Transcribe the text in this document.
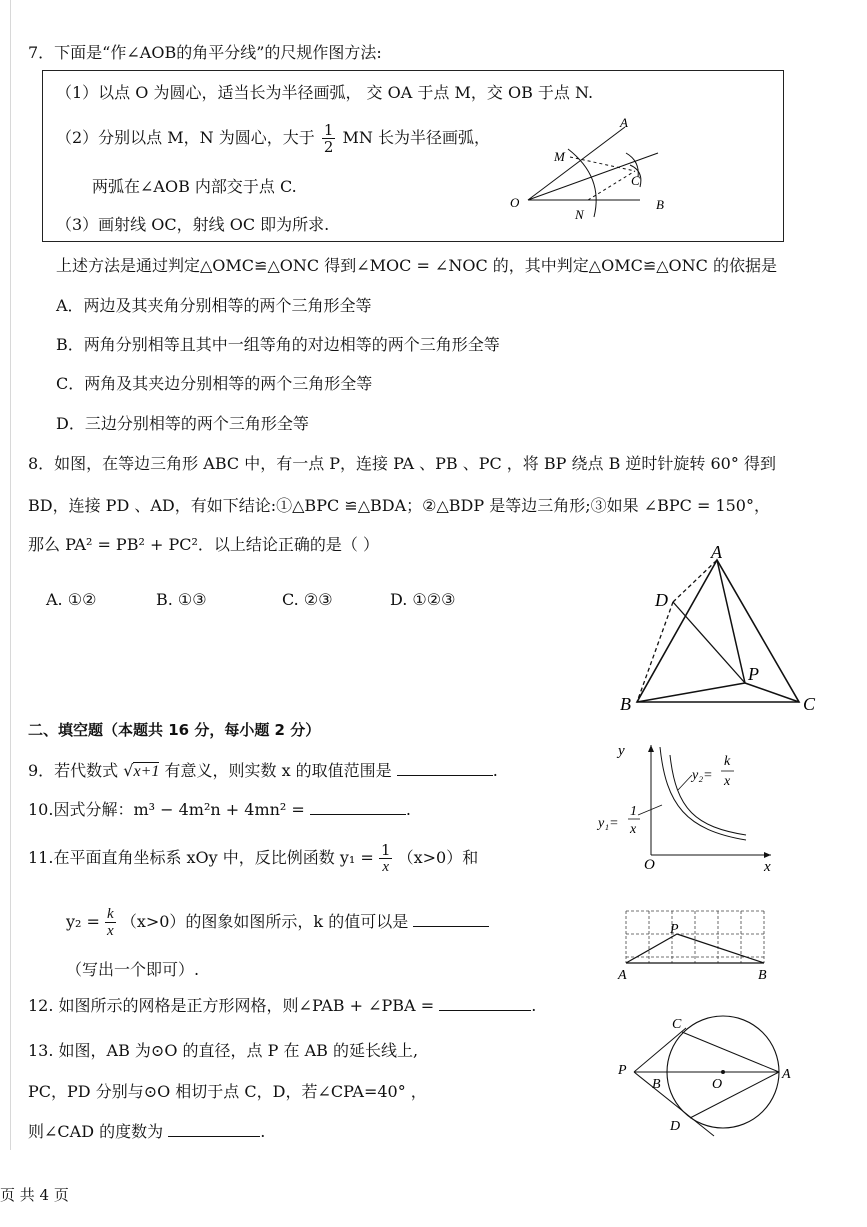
7．下面是“作∠AOB的角平分线”的尺规作图方法:
（1）以点 O 为圆心，适当长为半径画弧， 交 OA 于点 M，交 OB 于点 N.
（2）分别以点 M，N 为圆心，大于 $\frac{1}{2}$ MN 长为半径画弧，
两弧在∠AOB 内部交于点 C.
（3）画射线 OC，射线 OC 即为所求.
A
M
C
O
N
B
上述方法是通过判定△OMC≌△ONC 得到∠MOC = ∠NOC 的，其中判定△OMC≌△ONC 的依据是
A．两边及其夹角分别相等的两个三角形全等
B．两角分别相等且其中一组等角的对边相等的两个三角形全等
C．两角及其夹边分别相等的两个三角形全等
D．三边分别相等的两个三角形全等
8．如图，在等边三角形 ABC 中，有一点 P，连接 PA 、PB 、PC ，将 BP 绕点 B 逆时针旋转 60° 得到
BD，连接 PD 、AD，有如下结论:①△BPC ≌△BDA；②△BDP 是等边三角形;③如果 ∠BPC = 150°，
那么 PA² = PB² + PC²．以上结论正确的是（ ）
A. ①②	B. ①③	C. ②③	D. ①②③
A
D
P
B	C
二、填空题（本题共 16 分，每小题 2 分）
9．若代数式 √x+1 有意义，则实数 x 的取值范围是	.
10.因式分解：m³ − 4m²n + 4mn² =	.
11.在平面直角坐标系 xOy 中，反比例函数 $y_1 = \frac{1}{x} (x>0)$和
$y_2 = \frac{k}{x} (x>0)$的图象如图所示，k 的值可以是
（写出一个即可）.
12. 如图所示的网格是正方形网格，则∠PAB + ∠PBA =	.
13. 如图，AB 为⊙O 的直径，点 P 在 AB 的延长线上,
PC，PD 分别与⊙O 相切于点 C，D，若∠CPA=40° ，
则∠CAD 的度数为	.
y
x
O
y₁=
1
x
y₂=
k
x
P
A	B
C
P
B	O
A
D
页 共 4 页
